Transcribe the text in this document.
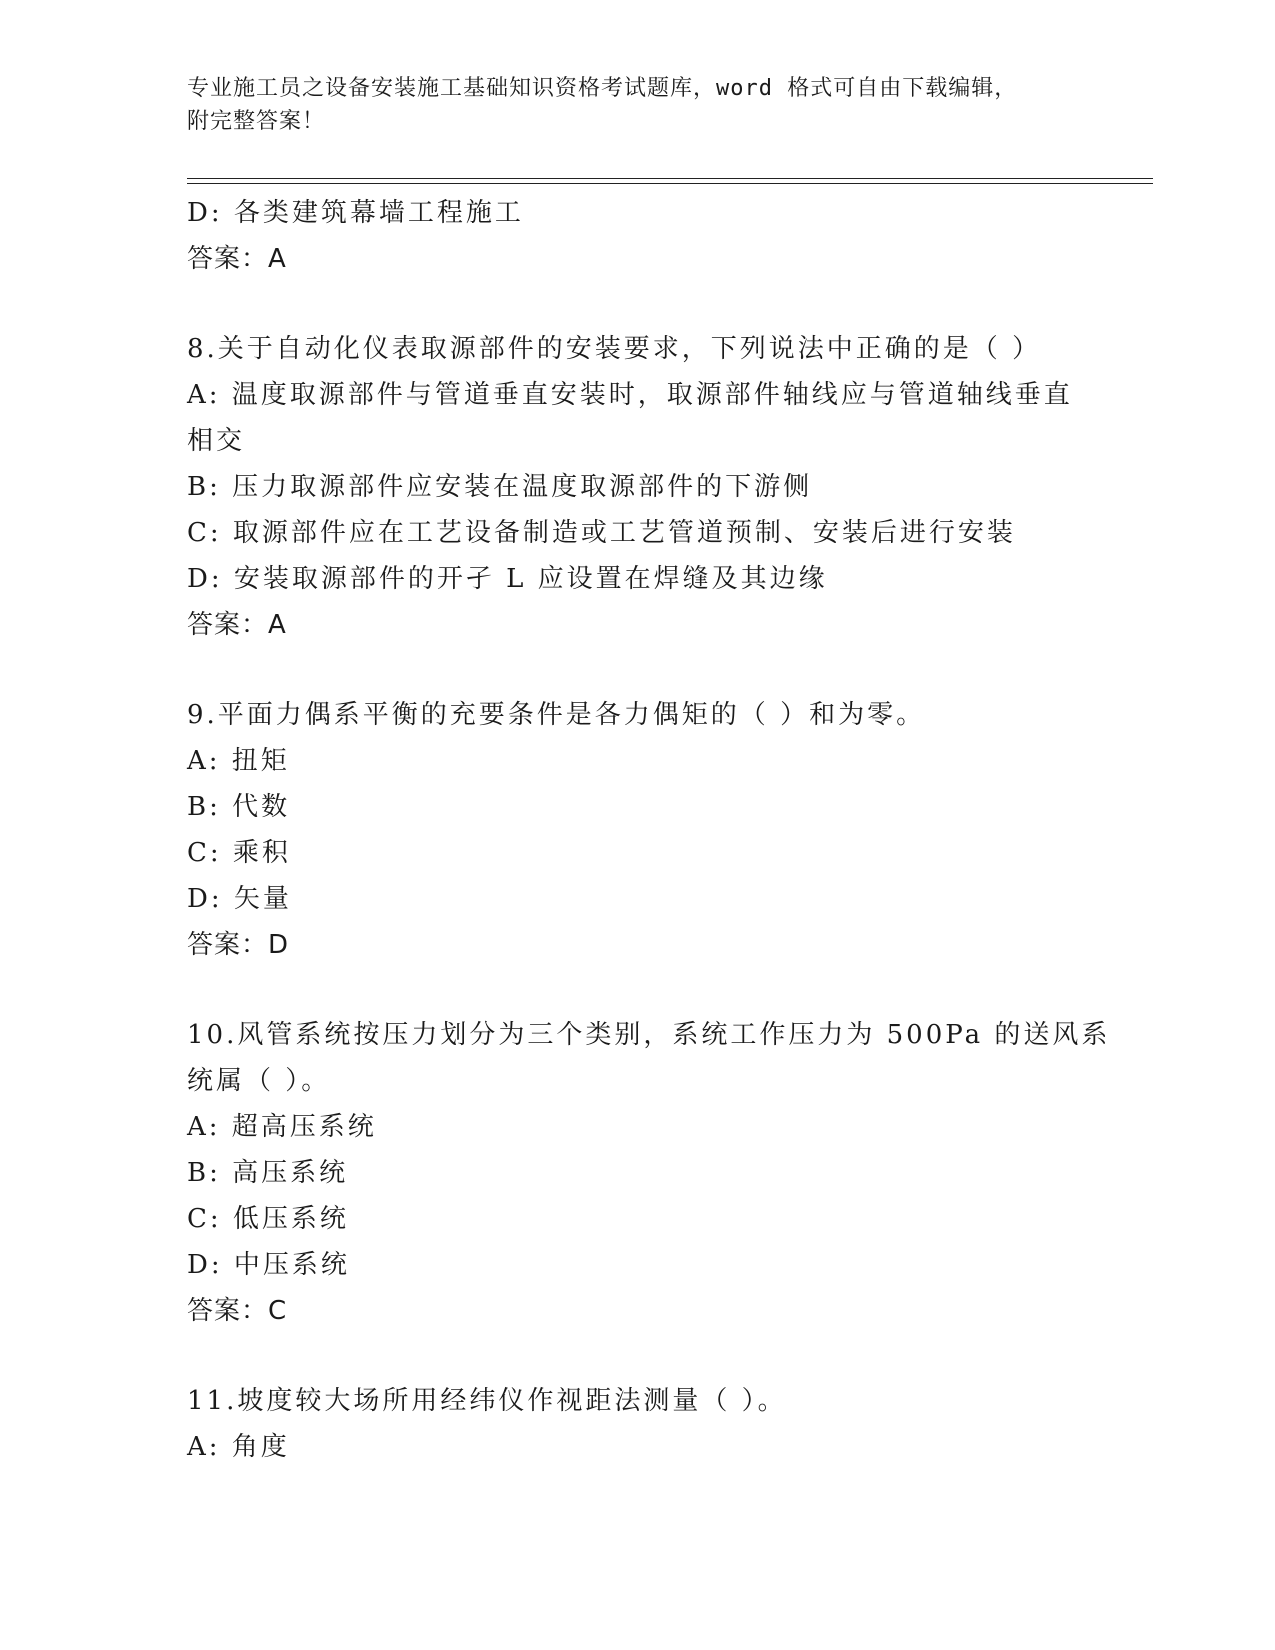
专业施工员之设备安装施工基础知识资格考试题库，word 格式可自由下载编辑，
附完整答案！
D: 各类建筑幕墙工程施工
答案：A
8.关于自动化仪表取源部件的安装要求，下列说法中正确的是（ ）
A: 温度取源部件与管道垂直安装时，取源部件轴线应与管道轴线垂直
相交
B: 压力取源部件应安装在温度取源部件的下游侧
C: 取源部件应在工艺设备制造或工艺管道预制、安装后进行安装
D: 安装取源部件的开孑 L 应设置在焊缝及其边缘
答案：A
9.平面力偶系平衡的充要条件是各力偶矩的（ ）和为零。
A: 扭矩
B: 代数
C: 乘积
D: 矢量
答案：D
10.风管系统按压力划分为三个类别，系统工作压力为 500Pa 的送风系
统属（ ）。
A: 超高压系统
B: 高压系统
C: 低压系统
D: 中压系统
答案：C
11.坡度较大场所用经纬仪作视距法测量（ ）。
A: 角度
